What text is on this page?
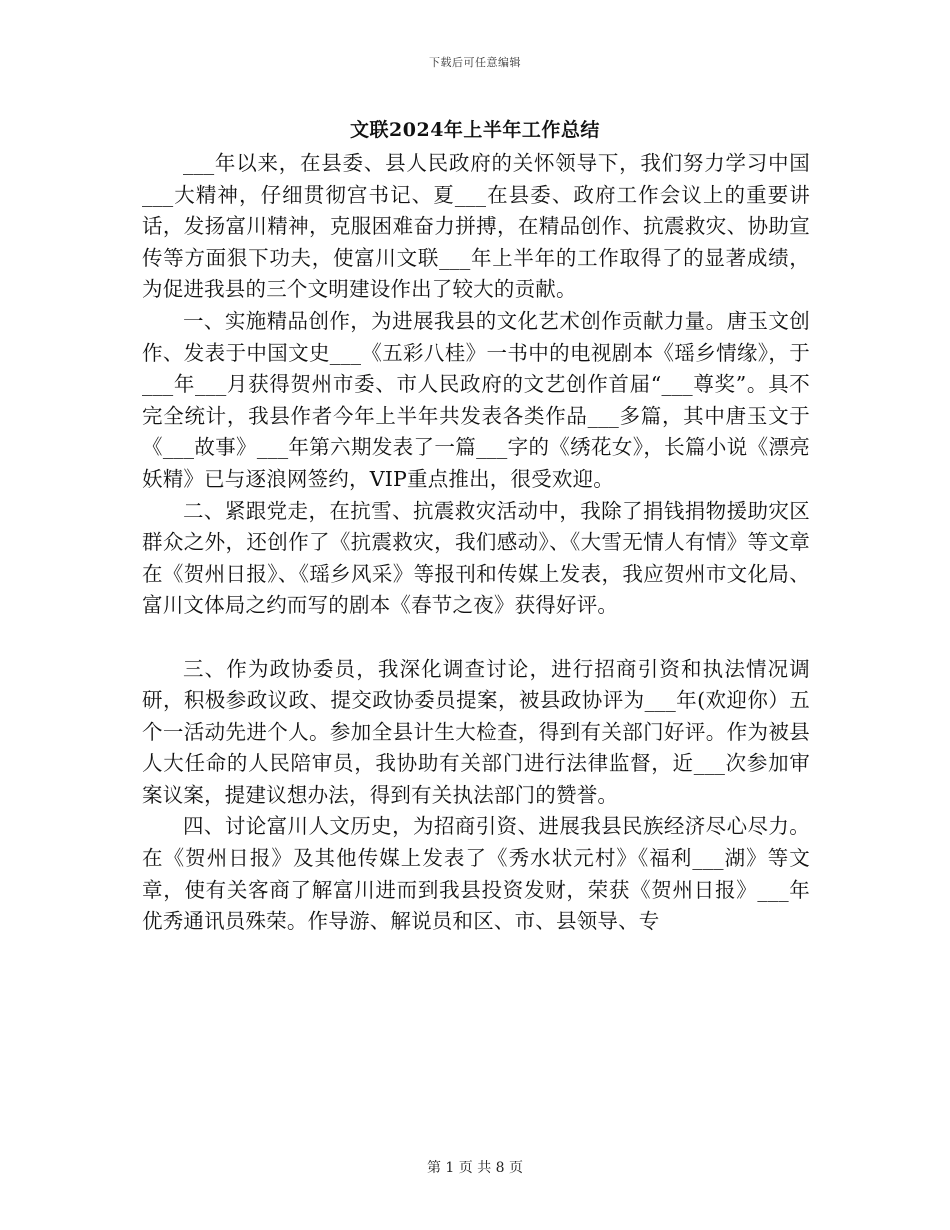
下载后可任意编辑
文联2024年上半年工作总结

___年以来，在县委、县人民政府的关怀领导下，我们努力学习中国___大精神，仔细贯彻宫书记、夏___在县委、政府工作会议上的重要讲话，发扬富川精神，克服困难奋力拼搏，在精品创作、抗震救灾、协助宣传等方面狠下功夫，使富川文联___年上半年的工作取得了的显著成绩，为促进我县的三个文明建设作出了较大的贡献。

一、实施精品创作，为进展我县的文化艺术创作贡献力量。唐玉文创作、发表于中国文史___《五彩八桂》一书中的电视剧本《瑶乡情缘》，于___年___月获得贺州市委、市人民政府的文艺创作首届“___尊奖”。具不完全统计，我县作者今年上半年共发表各类作品___多篇，其中唐玉文于《___故事》___年第六期发表了一篇___字的《绣花女》，长篇小说《漂亮妖精》已与逐浪网签约，VIP重点推出，很受欢迎。

二、紧跟党走，在抗雪、抗震救灾活动中，我除了捐钱捐物援助灾区群众之外，还创作了《抗震救灾，我们感动》、《大雪无情人有情》等文章在《贺州日报》、《瑶乡风采》等报刊和传媒上发表，我应贺州市文化局、富川文体局之约而写的剧本《春节之夜》获得好评。

三、作为政协委员，我深化调查讨论，进行招商引资和执法情况调研，积极参政议政、提交政协委员提案，被县政协评为___年(欢迎你）五个一活动先进个人。参加全县计生大检查，得到有关部门好评。作为被县人大任命的人民陪审员，我协助有关部门进行法律监督，近___次参加审案议案，提建议想办法，得到有关执法部门的赞誉。

四、讨论富川人文历史，为招商引资、进展我县民族经济尽心尽力。在《贺州日报》及其他传媒上发表了《秀水状元村》《福利___湖》等文章，使有关客商了解富川进而到我县投资发财，荣获《贺州日报》___年优秀通讯员殊荣。作导游、解说员和区、市、县领导、专

第 1 页 共 8 页
